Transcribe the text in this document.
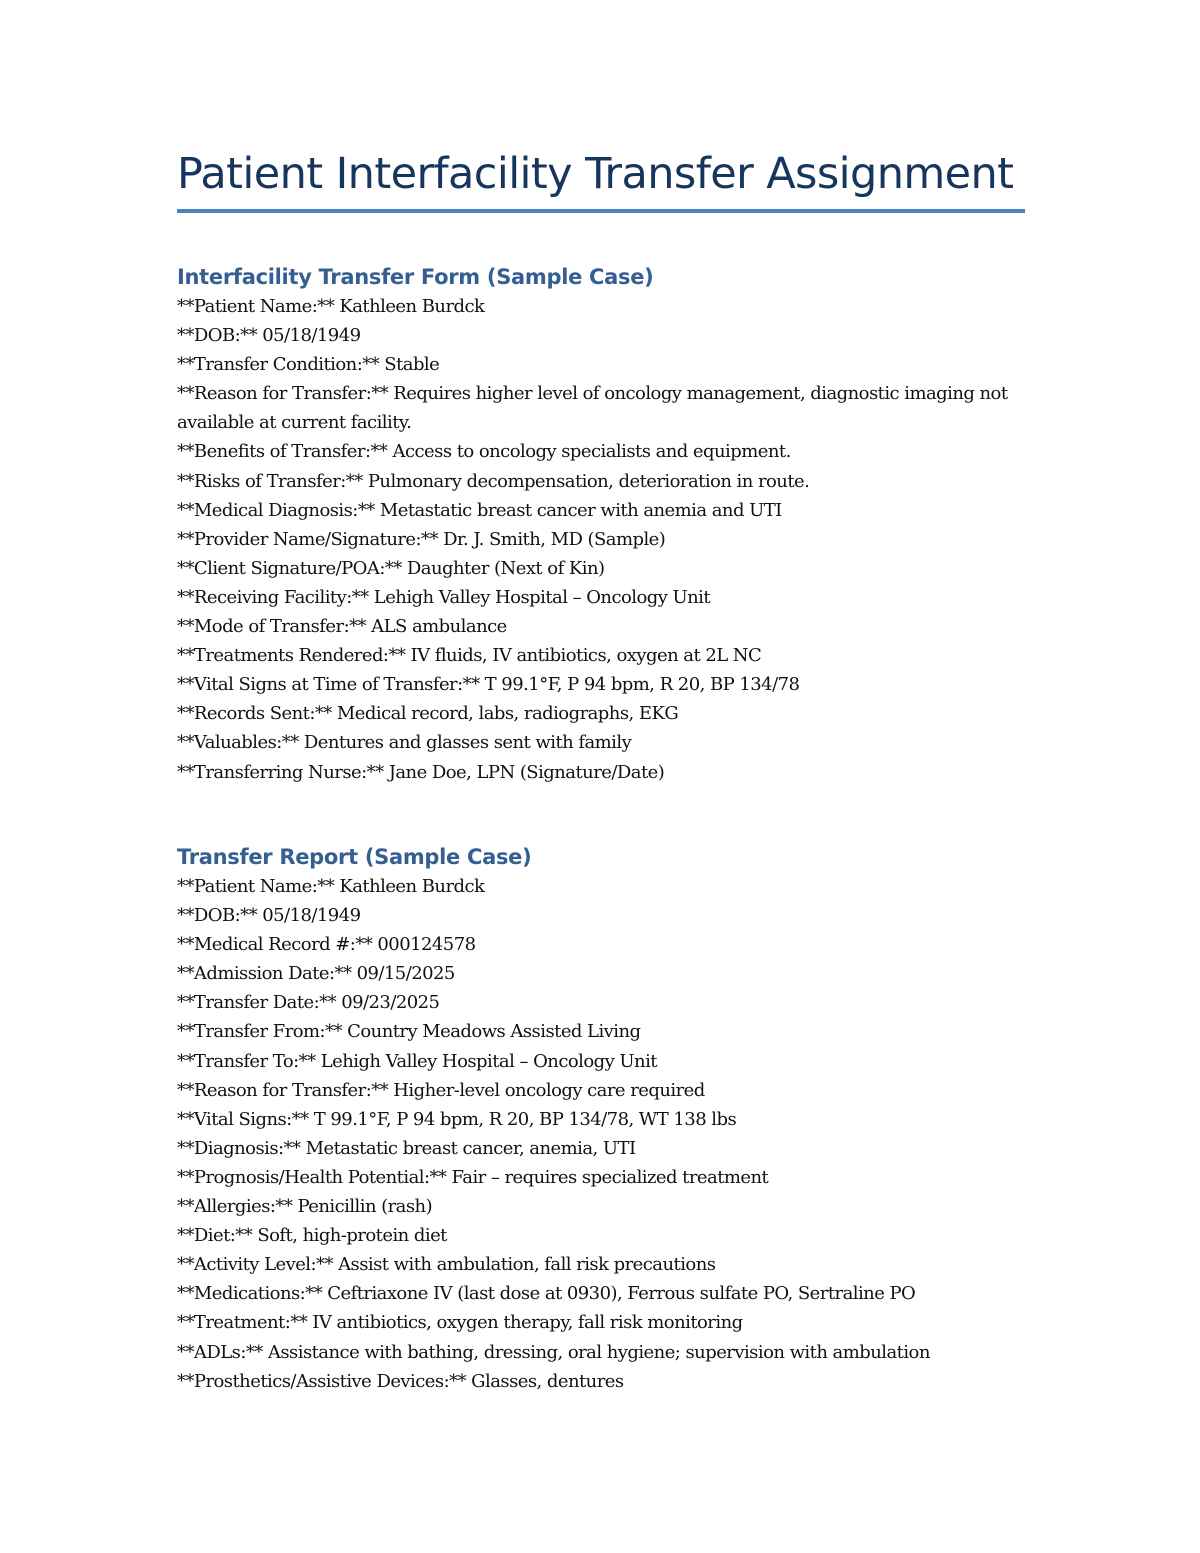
Patient Interfacility Transfer Assignment
Interfacility Transfer Form (Sample Case)
**Patient Name:** Kathleen Burdck
**DOB:** 05/18/1949
**Transfer Condition:** Stable
**Reason for Transfer:** Requires higher level of oncology management, diagnostic imaging not available at current facility.
**Benefits of Transfer:** Access to oncology specialists and equipment.
**Risks of Transfer:** Pulmonary decompensation, deterioration in route.
**Medical Diagnosis:** Metastatic breast cancer with anemia and UTI
**Provider Name/Signature:** Dr. J. Smith, MD (Sample)
**Client Signature/POA:** Daughter (Next of Kin)
**Receiving Facility:** Lehigh Valley Hospital – Oncology Unit
**Mode of Transfer:** ALS ambulance
**Treatments Rendered:** IV fluids, IV antibiotics, oxygen at 2L NC
**Vital Signs at Time of Transfer:** T 99.1°F, P 94 bpm, R 20, BP 134/78
**Records Sent:** Medical record, labs, radiographs, EKG
**Valuables:** Dentures and glasses sent with family
**Transferring Nurse:** Jane Doe, LPN (Signature/Date)
Transfer Report (Sample Case)
**Patient Name:** Kathleen Burdck
**DOB:** 05/18/1949
**Medical Record #:** 000124578
**Admission Date:** 09/15/2025
**Transfer Date:** 09/23/2025
**Transfer From:** Country Meadows Assisted Living
**Transfer To:** Lehigh Valley Hospital – Oncology Unit
**Reason for Transfer:** Higher-level oncology care required
**Vital Signs:** T 99.1°F, P 94 bpm, R 20, BP 134/78, WT 138 lbs
**Diagnosis:** Metastatic breast cancer, anemia, UTI
**Prognosis/Health Potential:** Fair – requires specialized treatment
**Allergies:** Penicillin (rash)
**Diet:** Soft, high-protein diet
**Activity Level:** Assist with ambulation, fall risk precautions
**Medications:** Ceftriaxone IV (last dose at 0930), Ferrous sulfate PO, Sertraline PO
**Treatment:** IV antibiotics, oxygen therapy, fall risk monitoring
**ADLs:** Assistance with bathing, dressing, oral hygiene; supervision with ambulation
**Prosthetics/Assistive Devices:** Glasses, dentures
